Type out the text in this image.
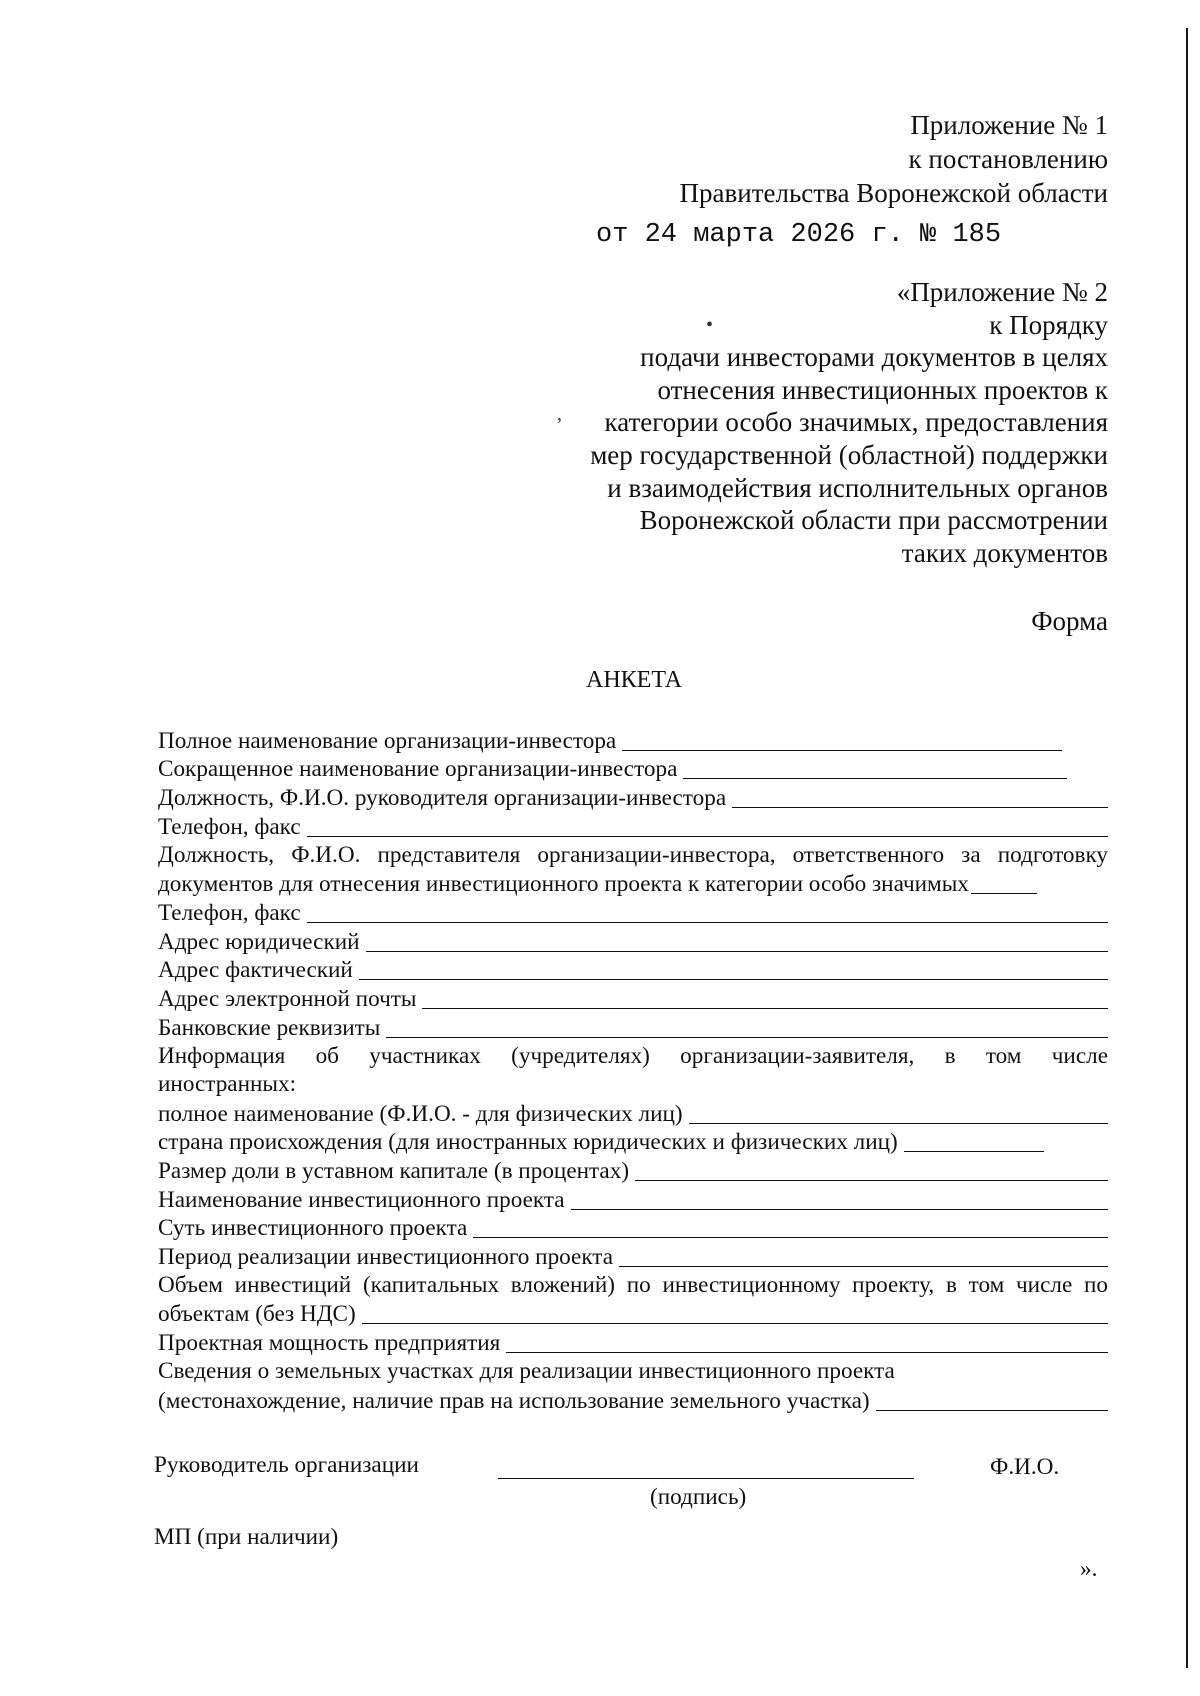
Приложение № 1
к постановлению
Правительства Воронежской области
от 24 марта 2026 г. № 185
«Приложение № 2
к Порядку
подачи инвесторами документов в целях
отнесения инвестиционных проектов к
категории особо значимых, предоставления
мер государственной (областной) поддержки
и взаимодействия исполнительных органов
Воронежской области при рассмотрении
таких документов
•
’
Форма
АНКЕТА
Полное наименование организации-инвестора
Сокращенное наименование организации-инвестора
Должность, Ф.И.О. руководителя организации-инвестора
Телефон, факс
Должность, Ф.И.О. представителя организации-инвестора, ответственного за подготовку
документов для отнесения инвестиционного проекта к категории особо значимых
Телефон, факс
Адрес юридический
Адрес фактический
Адрес электронной почты
Банковские реквизиты
Информация об участниках (учредителях) организации-заявителя, в том числе
иностранных:
полное наименование (Ф.И.О. - для физических лиц)
страна происхождения (для иностранных юридических и физических лиц)
Размер доли в уставном капитале (в процентах)
Наименование инвестиционного проекта
Суть инвестиционного проекта
Период реализации инвестиционного проекта
Объем инвестиций (капитальных вложений) по инвестиционному проекту, в том числе по
объектам (без НДС)
Проектная мощность предприятия
Сведения о земельных участках для реализации инвестиционного проекта
(местонахождение, наличие прав на использование земельного участка)
Руководитель организации
(подпись)
Ф.И.О.
МП (при наличии)
».
